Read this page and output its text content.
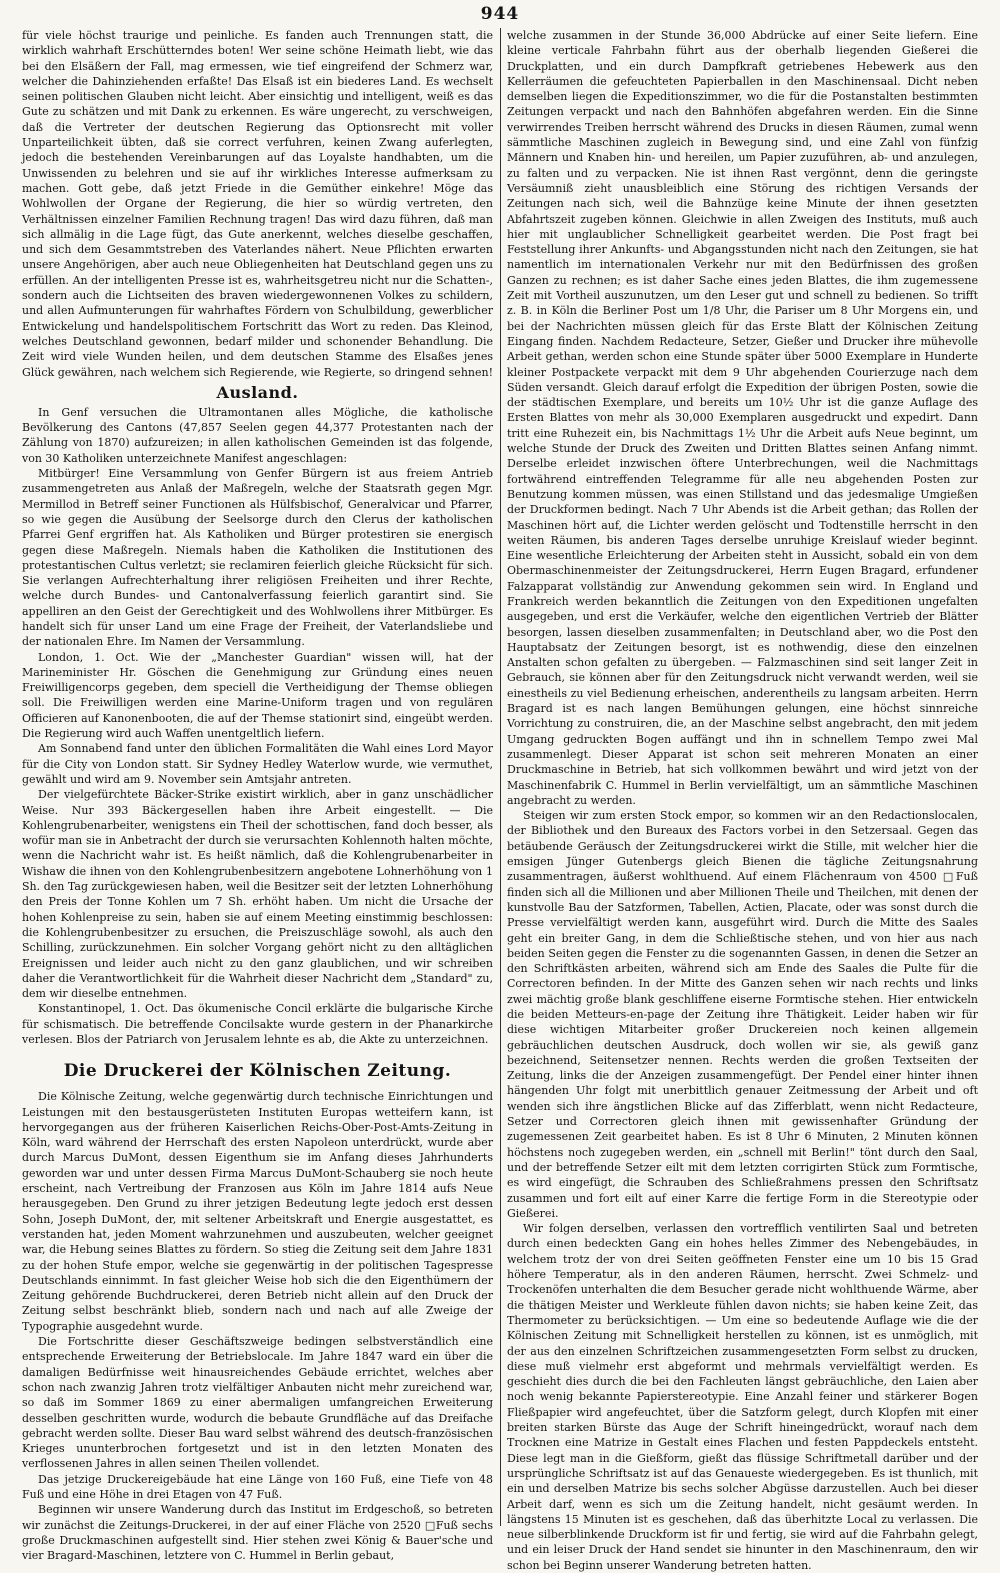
944

für viele höchst traurige und peinliche. Es fanden auch Trennungen statt, die wirklich wahrhaft Erschütterndes boten! Wer seine schöne Heimath liebt, wie das bei den Elsäßern der Fall, mag ermessen, wie tief eingreifend der Schmerz war, welcher die Dahinziehenden erfaßte! Das Elsaß ist ein biederes Land. Es wechselt seinen politischen Glauben nicht leicht. Aber einsichtig und intelligent, weiß es das Gute zu schätzen und mit Dank zu erkennen. Es wäre ungerecht, zu verschweigen, daß die Vertreter der deutschen Regierung das Optionsrecht mit voller Unparteilichkeit übten, daß sie correct verfuhren, keinen Zwang auferlegten, jedoch die bestehenden Vereinbarungen auf das Loyalste handhabten, um die Unwissenden zu belehren und sie auf ihr wirkliches Interesse aufmerksam zu machen. Gott gebe, daß jetzt Friede in die Gemüther einkehre! Möge das Wohlwollen der Organe der Regierung, die hier so würdig vertreten, den Verhältnissen einzelner Familien Rechnung tragen! Das wird dazu führen, daß man sich allmälig in die Lage fügt, das Gute anerkennt, welches dieselbe geschaffen, und sich dem Gesammtstreben des Vaterlandes nähert. Neue Pflichten erwarten unsere Angehörigen, aber auch neue Obliegenheiten hat Deutschland gegen uns zu erfüllen. An der intelligenten Presse ist es, wahrheitsgetreu nicht nur die Schatten-, sondern auch die Lichtseiten des braven wiedergewonnenen Volkes zu schildern, und allen Aufmunterungen für wahrhaftes Fördern von Schulbildung, gewerblicher Entwickelung und handelspolitischem Fortschritt das Wort zu reden. Das Kleinod, welches Deutschland gewonnen, bedarf milder und schonender Behandlung. Die Zeit wird viele Wunden heilen, und dem deutschen Stamme des Elsaßes jenes Glück gewähren, nach welchem sich Regierende, wie Regierte, so dringend sehnen!

Ausland.

In Genf versuchen die Ultramontanen alles Mögliche, die katholische Bevölkerung des Cantons (47,857 Seelen gegen 44,377 Protestanten nach der Zählung von 1870) aufzureizen; in allen katholischen Gemeinden ist das folgende, von 30 Katholiken unterzeichnete Manifest angeschlagen:

Mitbürger! Eine Versammlung von Genfer Bürgern ist aus freiem Antrieb zusammengetreten aus Anlaß der Maßregeln, welche der Staatsrath gegen Mgr. Mermillod in Betreff seiner Functionen als Hülfsbischof, Generalvicar und Pfarrer, so wie gegen die Ausübung der Seelsorge durch den Clerus der katholischen Pfarrei Genf ergriffen hat. Als Katholiken und Bürger protestiren sie energisch gegen diese Maßregeln. Niemals haben die Katholiken die Institutionen des protestantischen Cultus verletzt; sie reclamiren feierlich gleiche Rücksicht für sich. Sie verlangen Aufrechterhaltung ihrer religiösen Freiheiten und ihrer Rechte, welche durch Bundes- und Cantonalverfassung feierlich garantirt sind. Sie appelliren an den Geist der Gerechtigkeit und des Wohlwollens ihrer Mitbürger. Es handelt sich für unser Land um eine Frage der Freiheit, der Vaterlandsliebe und der nationalen Ehre. Im Namen der Versammlung.

London, 1. Oct. Wie der „Manchester Guardian" wissen will, hat der Marineminister Hr. Göschen die Genehmigung zur Gründung eines neuen Freiwilligencorps gegeben, dem speciell die Vertheidigung der Themse obliegen soll. Die Freiwilligen werden eine Marine-Uniform tragen und von regulären Officieren auf Kanonenbooten, die auf der Themse stationirt sind, eingeübt werden. Die Regierung wird auch Waffen unentgeltlich liefern.

Am Sonnabend fand unter den üblichen Formalitäten die Wahl eines Lord Mayor für die City von London statt. Sir Sydney Hedley Waterlow wurde, wie vermuthet, gewählt und wird am 9. November sein Amtsjahr antreten.

Der vielgefürchtete Bäcker-Strike existirt wirklich, aber in ganz unschädlicher Weise. Nur 393 Bäckergesellen haben ihre Arbeit eingestellt. — Die Kohlengrubenarbeiter, wenigstens ein Theil der schottischen, fand doch besser, als wofür man sie in Anbetracht der durch sie verursachten Kohlennoth halten möchte, wenn die Nachricht wahr ist. Es heißt nämlich, daß die Kohlengrubenarbeiter in Wishaw die ihnen von den Kohlengrubenbesitzern angebotene Lohnerhöhung von 1 Sh. den Tag zurückgewiesen haben, weil die Besitzer seit der letzten Lohnerhöhung den Preis der Tonne Kohlen um 7 Sh. erhöht haben. Um nicht die Ursache der hohen Kohlenpreise zu sein, haben sie auf einem Meeting einstimmig beschlossen: die Kohlengrubenbesitzer zu ersuchen, die Preiszuschläge sowohl, als auch den Schilling, zurückzunehmen. Ein solcher Vorgang gehört nicht zu den alltäglichen Ereignissen und leider auch nicht zu den ganz glaublichen, und wir schreiben daher die Verantwortlichkeit für die Wahrheit dieser Nachricht dem „Standard" zu, dem wir dieselbe entnehmen.

Konstantinopel, 1. Oct. Das ökumenische Concil erklärte die bulgarische Kirche für schismatisch. Die betreffende Concilsakte wurde gestern in der Phanarkirche verlesen. Blos der Patriarch von Jerusalem lehnte es ab, die Akte zu unterzeichnen.

Die Druckerei der Kölnischen Zeitung.

Die Kölnische Zeitung, welche gegenwärtig durch technische Einrichtungen und Leistungen mit den bestausgerüsteten Instituten Europas wetteifern kann, ist hervorgegangen aus der früheren Kaiserlichen Reichs-Ober-Post-Amts-Zeitung in Köln, ward während der Herrschaft des ersten Napoleon unterdrückt, wurde aber durch Marcus DuMont, dessen Eigenthum sie im Anfang dieses Jahrhunderts geworden war und unter dessen Firma Marcus DuMont-Schauberg sie noch heute erscheint, nach Vertreibung der Franzosen aus Köln im Jahre 1814 aufs Neue herausgegeben. Den Grund zu ihrer jetzigen Bedeutung legte jedoch erst dessen Sohn, Joseph DuMont, der, mit seltener Arbeitskraft und Energie ausgestattet, es verstanden hat, jeden Moment wahrzunehmen und auszubeuten, welcher geeignet war, die Hebung seines Blattes zu fördern. So stieg die Zeitung seit dem Jahre 1831 zu der hohen Stufe empor, welche sie gegenwärtig in der politischen Tagespresse Deutschlands einnimmt. In fast gleicher Weise hob sich die den Eigenthümern der Zeitung gehörende Buchdruckerei, deren Betrieb nicht allein auf den Druck der Zeitung selbst beschränkt blieb, sondern nach und nach auf alle Zweige der Typographie ausgedehnt wurde.

Die Fortschritte dieser Geschäftszweige bedingen selbstverständlich eine entsprechende Erweiterung der Betriebslocale. Im Jahre 1847 ward ein über die damaligen Bedürfnisse weit hinausreichendes Gebäude errichtet, welches aber schon nach zwanzig Jahren trotz vielfältiger Anbauten nicht mehr zureichend war, so daß im Sommer 1869 zu einer abermaligen umfangreichen Erweiterung desselben geschritten wurde, wodurch die bebaute Grundfläche auf das Dreifache gebracht werden sollte. Dieser Bau ward selbst während des deutsch-französischen Krieges ununterbrochen fortgesetzt und ist in den letzten Monaten des verflossenen Jahres in allen seinen Theilen vollendet.

Das jetzige Druckereigebäude hat eine Länge von 160 Fuß, eine Tiefe von 48 Fuß und eine Höhe in drei Etagen von 47 Fuß.

Beginnen wir unsere Wanderung durch das Institut im Erdgeschoß, so betreten wir zunächst die Zeitungs-Druckerei, in der auf einer Fläche von 2520 □Fuß sechs große Druckmaschinen aufgestellt sind. Hier stehen zwei König & Bauer'sche und vier Bragard-Maschinen, letztere von C. Hummel in Berlin gebaut,

welche zusammen in der Stunde 36,000 Abdrücke auf einer Seite liefern. Eine kleine verticale Fahrbahn führt aus der oberhalb liegenden Gießerei die Druckplatten, und ein durch Dampfkraft getriebenes Hebewerk aus den Kellerräumen die gefeuchteten Papierballen in den Maschinensaal. Dicht neben demselben liegen die Expeditionszimmer, wo die für die Postanstalten bestimmten Zeitungen verpackt und nach den Bahnhöfen abgefahren werden. Ein die Sinne verwirrendes Treiben herrscht während des Drucks in diesen Räumen, zumal wenn sämmtliche Maschinen zugleich in Bewegung sind, und eine Zahl von fünfzig Männern und Knaben hin- und hereilen, um Papier zuzuführen, ab- und anzulegen, zu falten und zu verpacken. Nie ist ihnen Rast vergönnt, denn die geringste Versäumniß zieht unausbleiblich eine Störung des richtigen Versands der Zeitungen nach sich, weil die Bahnzüge keine Minute der ihnen gesetzten Abfahrtszeit zugeben können. Gleichwie in allen Zweigen des Instituts, muß auch hier mit unglaublicher Schnelligkeit gearbeitet werden. Die Post fragt bei Feststellung ihrer Ankunfts- und Abgangsstunden nicht nach den Zeitungen, sie hat namentlich im internationalen Verkehr nur mit den Bedürfnissen des großen Ganzen zu rechnen; es ist daher Sache eines jeden Blattes, die ihm zugemessene Zeit mit Vortheil auszunutzen, um den Leser gut und schnell zu bedienen. So trifft z. B. in Köln die Berliner Post um 1/8 Uhr, die Pariser um 8 Uhr Morgens ein, und bei der Nachrichten müssen gleich für das Erste Blatt der Kölnischen Zeitung Eingang finden. Nachdem Redacteure, Setzer, Gießer und Drucker ihre mühevolle Arbeit gethan, werden schon eine Stunde später über 5000 Exemplare in Hunderte kleiner Postpackete verpackt mit dem 9 Uhr abgehenden Courierzuge nach dem Süden versandt. Gleich darauf erfolgt die Expedition der übrigen Posten, sowie die der städtischen Exemplare, und bereits um 10½ Uhr ist die ganze Auflage des Ersten Blattes von mehr als 30,000 Exemplaren ausgedruckt und expedirt. Dann tritt eine Ruhezeit ein, bis Nachmittags 1½ Uhr die Arbeit aufs Neue beginnt, um welche Stunde der Druck des Zweiten und Dritten Blattes seinen Anfang nimmt. Derselbe erleidet inzwischen öftere Unterbrechungen, weil die Nachmittags fortwährend eintreffenden Telegramme für alle neu abgehenden Posten zur Benutzung kommen müssen, was einen Stillstand und das jedesmalige Umgießen der Druckformen bedingt. Nach 7 Uhr Abends ist die Arbeit gethan; das Rollen der Maschinen hört auf, die Lichter werden gelöscht und Todtenstille herrscht in den weiten Räumen, bis anderen Tages derselbe unruhige Kreislauf wieder beginnt. Eine wesentliche Erleichterung der Arbeiten steht in Aussicht, sobald ein von dem Obermaschinenmeister der Zeitungsdruckerei, Herrn Eugen Bragard, erfundener Falzapparat vollständig zur Anwendung gekommen sein wird. In England und Frankreich werden bekanntlich die Zeitungen von den Expeditionen ungefalten ausgegeben, und erst die Verkäufer, welche den eigentlichen Vertrieb der Blätter besorgen, lassen dieselben zusammenfalten; in Deutschland aber, wo die Post den Hauptabsatz der Zeitungen besorgt, ist es nothwendig, diese den einzelnen Anstalten schon gefalten zu übergeben. — Falzmaschinen sind seit langer Zeit in Gebrauch, sie können aber für den Zeitungsdruck nicht verwandt werden, weil sie einestheils zu viel Bedienung erheischen, anderentheils zu langsam arbeiten. Herrn Bragard ist es nach langen Bemühungen gelungen, eine höchst sinnreiche Vorrichtung zu construiren, die, an der Maschine selbst angebracht, den mit jedem Umgang gedruckten Bogen auffängt und ihn in schnellem Tempo zwei Mal zusammenlegt. Dieser Apparat ist schon seit mehreren Monaten an einer Druckmaschine in Betrieb, hat sich vollkommen bewährt und wird jetzt von der Maschinenfabrik C. Hummel in Berlin vervielfältigt, um an sämmtliche Maschinen angebracht zu werden.

Steigen wir zum ersten Stock empor, so kommen wir an den Redactionslocalen, der Bibliothek und den Bureaux des Factors vorbei in den Setzersaal. Gegen das betäubende Geräusch der Zeitungsdruckerei wirkt die Stille, mit welcher hier die emsigen Jünger Gutenbergs gleich Bienen die tägliche Zeitungsnahrung zusammentragen, äußerst wohlthuend. Auf einem Flächenraum von 4500 □Fuß finden sich all die Millionen und aber Millionen Theile und Theilchen, mit denen der kunstvolle Bau der Satzformen, Tabellen, Actien, Placate, oder was sonst durch die Presse vervielfältigt werden kann, ausgeführt wird. Durch die Mitte des Saales geht ein breiter Gang, in dem die Schließtische stehen, und von hier aus nach beiden Seiten gegen die Fenster zu die sogenannten Gassen, in denen die Setzer an den Schriftkästen arbeiten, während sich am Ende des Saales die Pulte für die Correctoren befinden. In der Mitte des Ganzen sehen wir nach rechts und links zwei mächtig große blank geschliffene eiserne Formtische stehen. Hier entwickeln die beiden Metteurs-en-page der Zeitung ihre Thätigkeit. Leider haben wir für diese wichtigen Mitarbeiter großer Druckereien noch keinen allgemein gebräuchlichen deutschen Ausdruck, doch wollen wir sie, als gewiß ganz bezeichnend, Seitensetzer nennen. Rechts werden die großen Textseiten der Zeitung, links die der Anzeigen zusammengefügt. Der Pendel einer hinter ihnen hängenden Uhr folgt mit unerbittlich genauer Zeitmessung der Arbeit und oft wenden sich ihre ängstlichen Blicke auf das Zifferblatt, wenn nicht Redacteure, Setzer und Correctoren gleich ihnen mit gewissenhafter Gründung der zugemessenen Zeit gearbeitet haben. Es ist 8 Uhr 6 Minuten, 2 Minuten können höchstens noch zugegeben werden, ein „schnell mit Berlin!" tönt durch den Saal, und der betreffende Setzer eilt mit dem letzten corrigirten Stück zum Formtische, es wird eingefügt, die Schrauben des Schließrahmens pressen den Schriftsatz zusammen und fort eilt auf einer Karre die fertige Form in die Stereotypie oder Gießerei.

Wir folgen derselben, verlassen den vortrefflich ventilirten Saal und betreten durch einen bedeckten Gang ein hohes helles Zimmer des Nebengebäudes, in welchem trotz der von drei Seiten geöffneten Fenster eine um 10 bis 15 Grad höhere Temperatur, als in den anderen Räumen, herrscht. Zwei Schmelz- und Trockenöfen unterhalten die dem Besucher gerade nicht wohlthuende Wärme, aber die thätigen Meister und Werkleute fühlen davon nichts; sie haben keine Zeit, das Thermometer zu berücksichtigen. — Um eine so bedeutende Auflage wie die der Kölnischen Zeitung mit Schnelligkeit herstellen zu können, ist es unmöglich, mit der aus den einzelnen Schriftzeichen zusammengesetzten Form selbst zu drucken, diese muß vielmehr erst abgeformt und mehrmals vervielfältigt werden. Es geschieht dies durch die bei den Fachleuten längst gebräuchliche, den Laien aber noch wenig bekannte Papierstereotypie. Eine Anzahl feiner und stärkerer Bogen Fließpapier wird angefeuchtet, über die Satzform gelegt, durch Klopfen mit einer breiten starken Bürste das Auge der Schrift hineingedrückt, worauf nach dem Trocknen eine Matrize in Gestalt eines Flachen und festen Pappdeckels entsteht. Diese legt man in die Gießform, gießt das flüssige Schriftmetall darüber und der ursprüngliche Schriftsatz ist auf das Genaueste wiedergegeben. Es ist thunlich, mit ein und derselben Matrize bis sechs solcher Abgüsse darzustellen. Auch bei dieser Arbeit darf, wenn es sich um die Zeitung handelt, nicht gesäumt werden. In längstens 15 Minuten ist es geschehen, daß das überhitzte Local zu verlassen. Die neue silberblinkende Druckform ist fir und fertig, sie wird auf die Fahrbahn gelegt, und ein leiser Druck der Hand sendet sie hinunter in den Maschinenraum, den wir schon bei Beginn unserer Wanderung betreten hatten.
